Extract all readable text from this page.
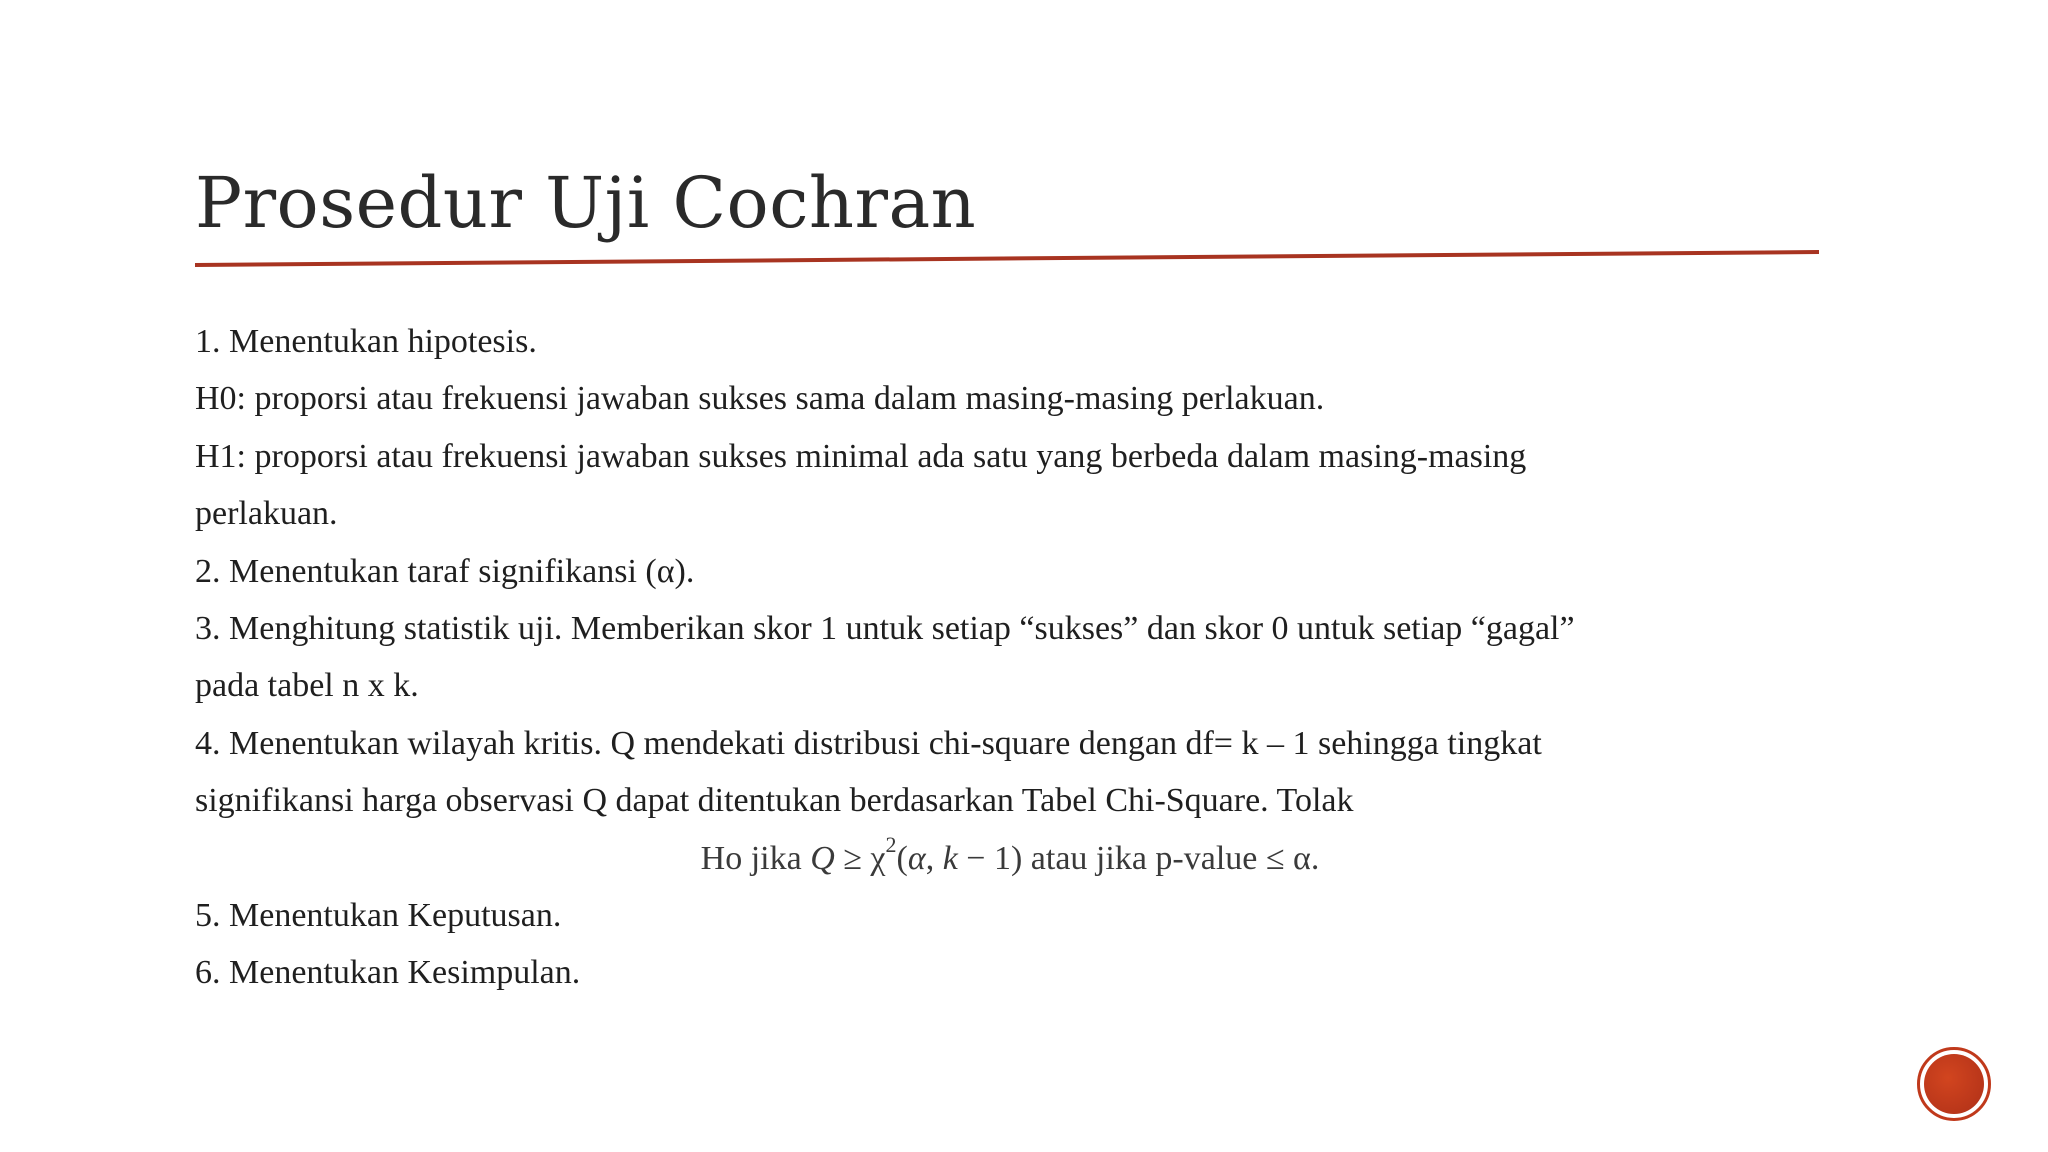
Prosedur Uji Cochran
1. Menentukan hipotesis.
H0: proporsi atau frekuensi jawaban sukses sama dalam masing-masing perlakuan.
H1: proporsi atau frekuensi jawaban sukses minimal ada satu yang berbeda dalam masing-masing
perlakuan.
2. Menentukan taraf signifikansi (α).
3. Menghitung statistik uji. Memberikan skor 1 untuk setiap “sukses” dan skor 0 untuk setiap “gagal”
pada tabel n x k.
4. Menentukan wilayah kritis. Q mendekati distribusi chi-square dengan df= k – 1 sehingga tingkat
signifikansi harga observasi Q dapat ditentukan berdasarkan Tabel Chi-Square. Tolak
Ho jika $Q \ge \chi^2(\alpha$, k − 1) atau jika p-value ≤ α.
5. Menentukan Keputusan.
6. Menentukan Kesimpulan.
